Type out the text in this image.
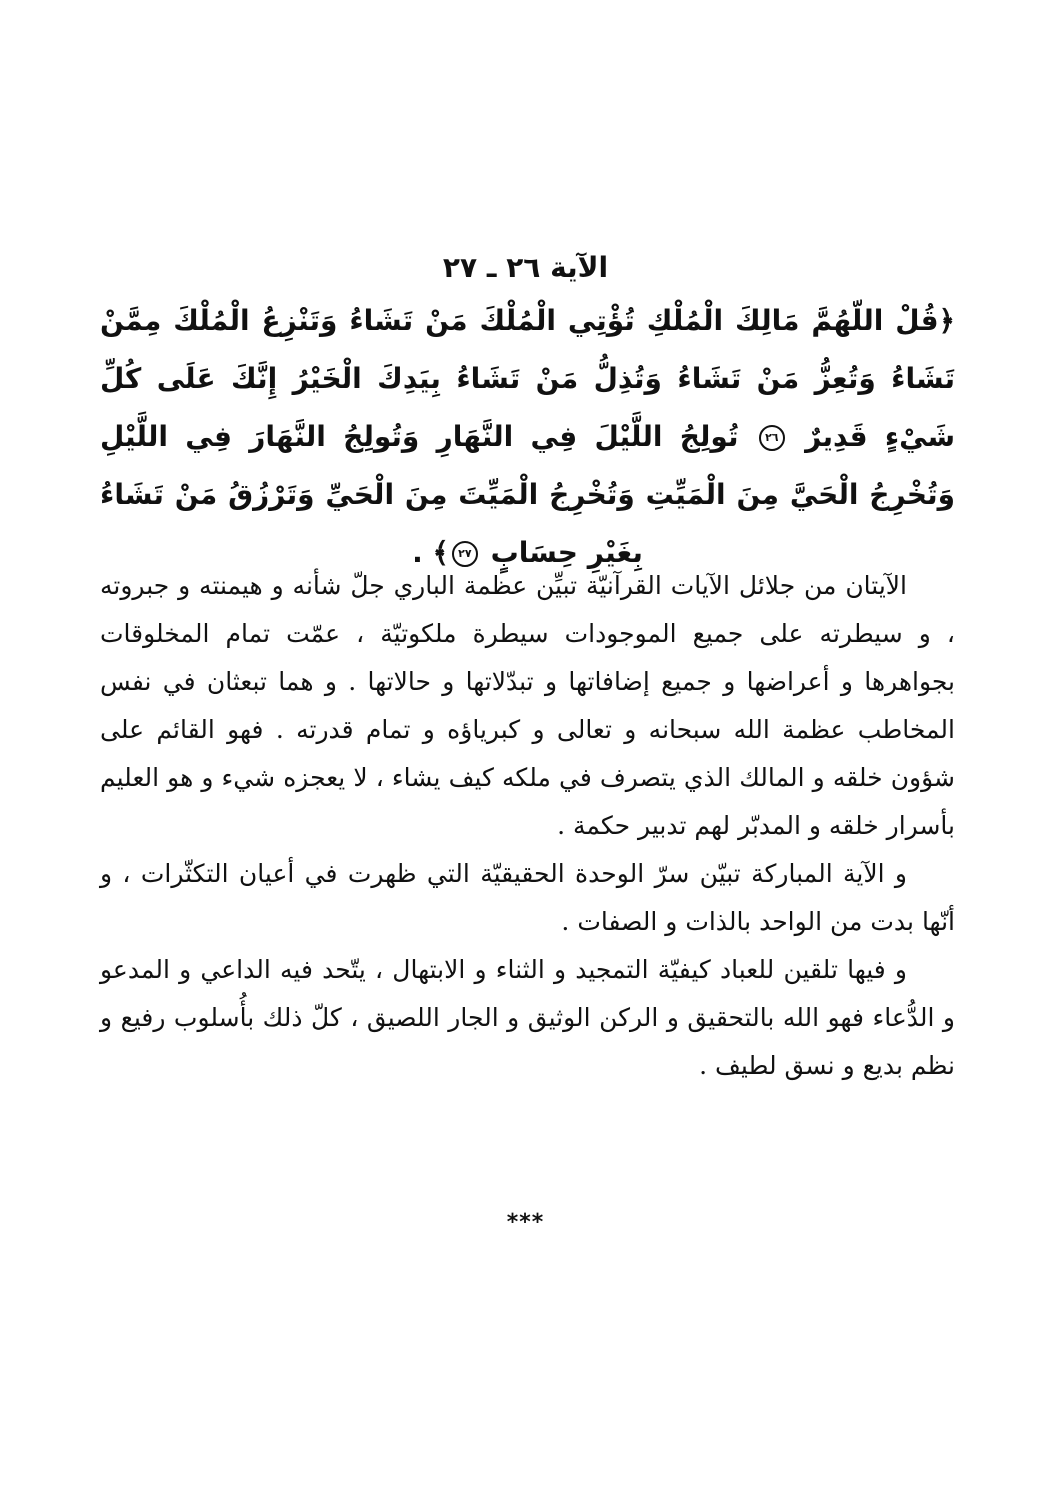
الآية ٢٦ ـ ٢٧
﴿قُلْ اللّهُمَّ مَالِكَ الْمُلْكِ تُؤْتِي الْمُلْكَ مَنْ تَشَاءُ وَتَنْزِعُ الْمُلْكَ مِمَّنْ تَشَاءُ وَتُعِزُّ مَنْ تَشَاءُ وَتُذِلُّ مَنْ تَشَاءُ بِيَدِكَ الْخَيْرُ إِنَّكَ عَلَى كُلِّ شَيْءٍ قَدِيرٌ ٢٦ تُولِجُ اللَّيْلَ فِي النَّهَارِ وَتُولِجُ النَّهَارَ فِي اللَّيْلِ وَتُخْرِجُ الْحَيَّ مِنَ الْمَيِّتِ وَتُخْرِجُ الْمَيِّتَ مِنَ الْحَيِّ وَتَرْزُقُ مَنْ تَشَاءُ بِغَيْرِ حِسَابٍ ٢٧﴾ .

الآيتان من جلائل الآيات القرآنيّة تبيِّن عظمة الباري جلّ شأنه و هيمنته و جبروته ، و سيطرته على جميع الموجودات سيطرة ملكوتيّة ، عمّت تمام المخلوقات بجواهرها و أعراضها و جميع إضافاتها و تبدّلاتها و حالاتها . و هما تبعثان في نفس المخاطب عظمة الله سبحانه و تعالى و كبرياؤه و تمام قدرته . فهو القائم على شؤون خلقه و المالك الذي يتصرف في ملكه كيف يشاء ، لا يعجزه شيء و هو العليم بأسرار خلقه و المدبّر لهم تدبير حكمة .

و الآية المباركة تبيّن سرّ الوحدة الحقيقيّة التي ظهرت في أعيان التكثّرات ، و أنّها بدت من الواحد بالذات و الصفات .

و فيها تلقين للعباد كيفيّة التمجيد و الثناء و الابتهال ، يتّحد فيه الداعي و المدعو و الدُّعاء فهو الله بالتحقيق و الركن الوثيق و الجار اللصيق ، كلّ ذلك بأُسلوب رفيع و نظم بديع و نسق لطيف .

***
